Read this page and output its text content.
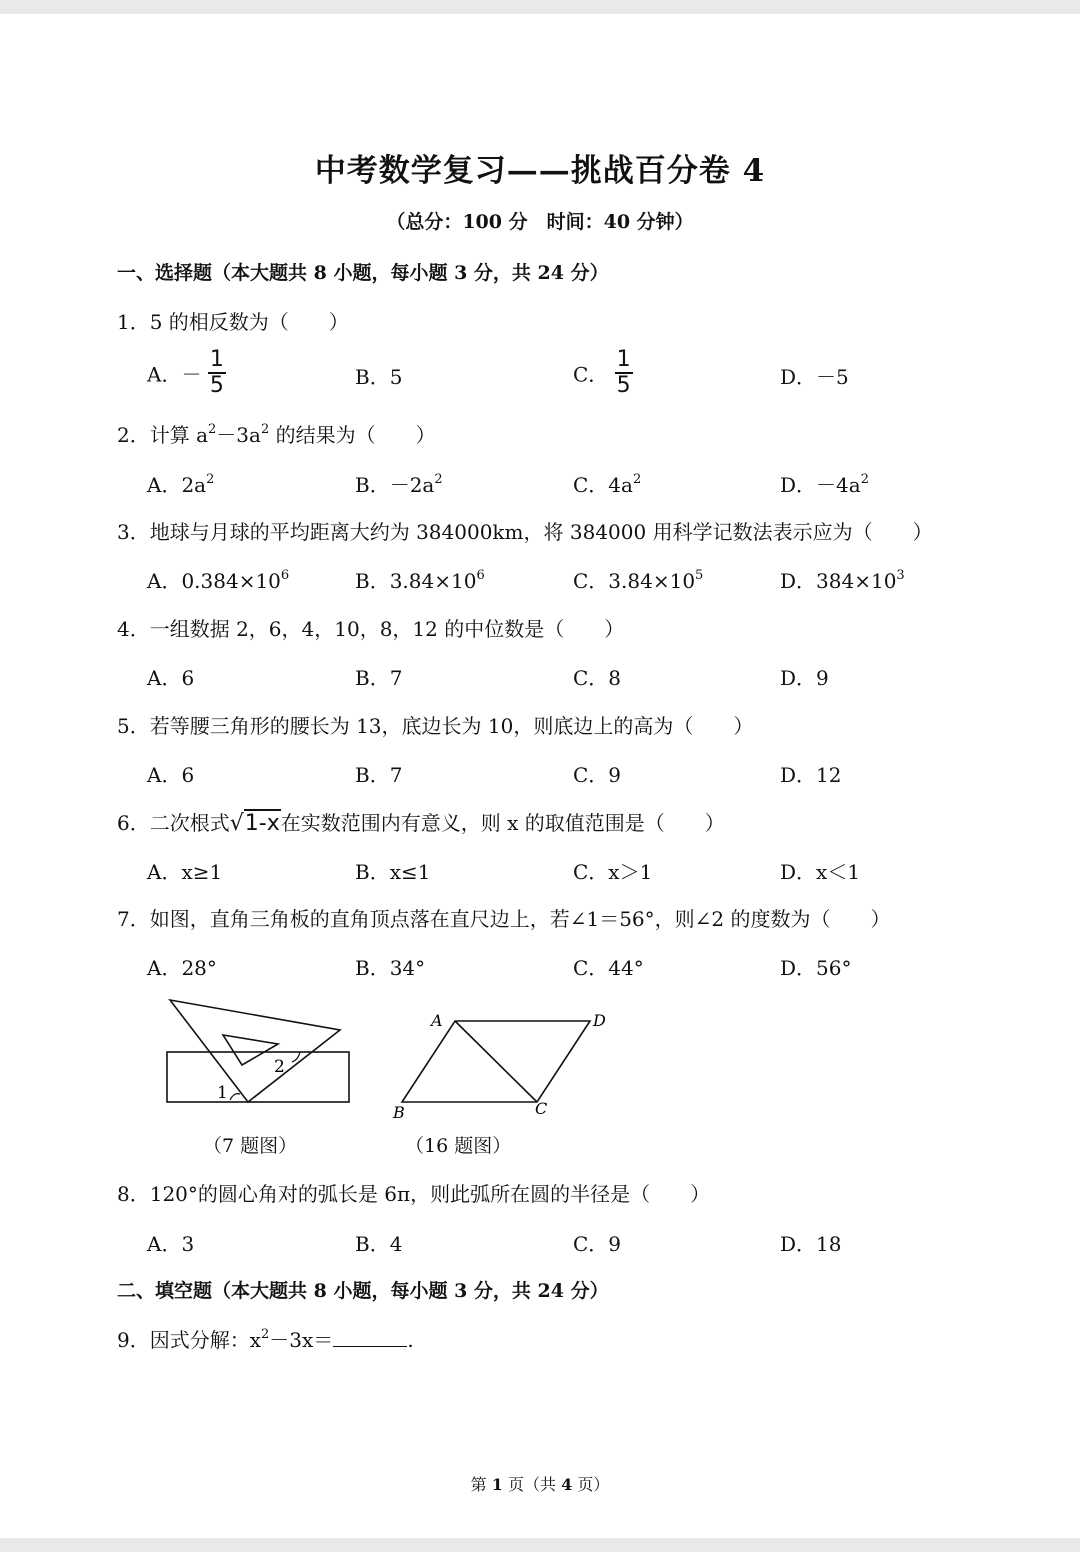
中考数学复习——挑战百分卷 4
（总分：100 分　时间：40 分钟）
一、选择题（本大题共 8 小题，每小题 3 分，共 24 分）
1．5 的相反数为（　　）
A．－ $\frac{1}{5}$	B．5	C． $\frac{1}{5}$	D．－5
2．计算 $a^2-3a^2$ 的结果为（　　）
A．$2a^2$	B．$-2a^2$	C．$4a^2$	D．$-4a^2$
3．地球与月球的平均距离大约为 384000km，将 384000 用科学记数法表示应为（　　）
A．$0.384\times 10^6$	B．$3.84\times 10^6$	C．$3.84\times 10^5$	D．$384\times 10^3$
4．一组数据 2，6，4，10，8，12 的中位数是（　　）
A．6	B．7	C．8	D．9
5．若等腰三角形的腰长为 13，底边长为 10，则底边上的高为（　　）
A．6	B．7	C．9	D．12
6．二次根式√1-x在实数范围内有意义，则 x 的取值范围是（　　）
A．x≥1	B．x≤1	C．x＞1	D．x＜1
7．如图，直角三角板的直角顶点落在直尺边上，若∠1＝56°，则∠2 的度数为（　　）
A．28°	B．34°	C．44°	D．56°
1
2
（7 题图）
A	D
B	C
（16 题图）
8．120°的圆心角对的弧长是 6π，则此弧所在圆的半径是（　　）
A．3	B．4	C．9	D．18
二、填空题（本大题共 8 小题，每小题 3 分，共 24 分）
9．因式分解：$x^2-3x=$	.
第 1 页（共 4 页）
